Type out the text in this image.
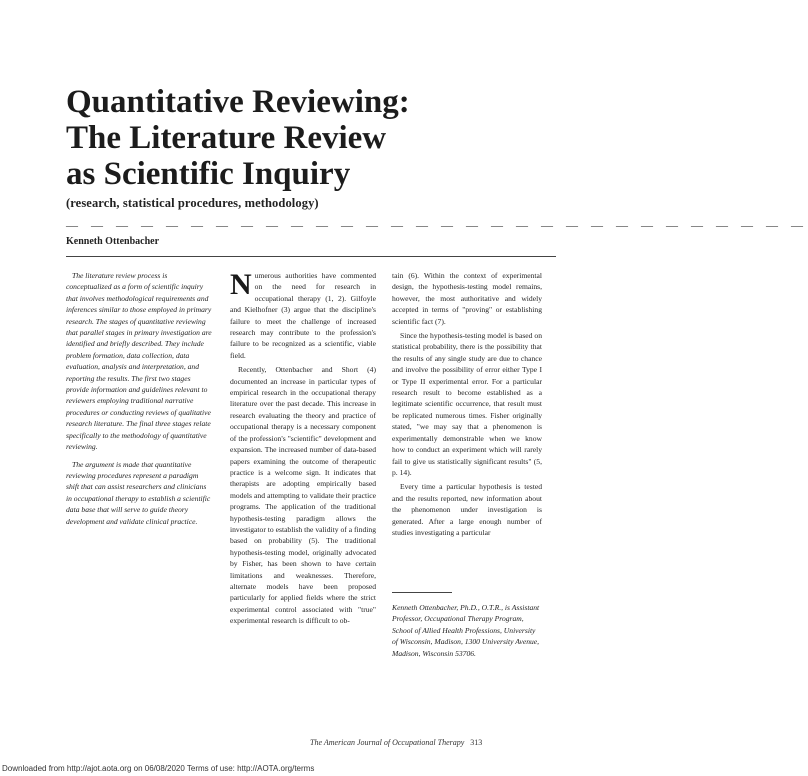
Quantitative Reviewing:
The Literature Review
as Scientific Inquiry
(research, statistical procedures, methodology)
— — — — — — — — — — — — — — — — — — — — — — — — — — — — — —
Kenneth Ottenbacher

The literature review process is conceptualized as a form of scientific inquiry that involves methodological requirements and inferences similar to those employed in primary research. The stages of quantitative reviewing that parallel stages in primary investigation are identified and briefly described. They include problem formation, data collection, data evaluation, analysis and interpretation, and reporting the results. The first two stages provide information and guidelines relevant to reviewers employing traditional narrative procedures or conducting reviews of qualitative research literature. The final three stages relate specifically to the methodology of quantitative reviewing.

The argument is made that quantitative reviewing procedures represent a paradigm shift that can assist researchers and clinicians in occupational therapy to establish a scientific data base that will serve to guide theory development and validate clinical practice.

Numerous authorities have commented on the need for research in occupational therapy (1, 2). Gilfoyle and Kielhofner (3) argue that the discipline's failure to meet the challenge of increased research may contribute to the profession's failure to be recognized as a scientific, viable field.

Recently, Ottenbacher and Short (4) documented an increase in particular types of empirical research in the occupational therapy literature over the past decade. This increase in research evaluating the theory and practice of occupational therapy is a necessary component of the profession's "scientific" development and expansion. The increased number of data-based papers examining the outcome of therapeutic practice is a welcome sign. It indicates that therapists are adopting empirically based models and attempting to validate their practice programs. The application of the traditional hypothesis-testing paradigm allows the investigator to establish the validity of a finding based on probability (5). The traditional hypothesis-testing model, originally advocated by Fisher, has been shown to have certain limitations and weaknesses. Therefore, alternate models have been proposed particularly for applied fields where the strict experimental control associated with "true" experimental research is difficult to ob-

tain (6). Within the context of experimental design, the hypothesis-testing model remains, however, the most authoritative and widely accepted in terms of "proving" or establishing scientific fact (7).

Since the hypothesis-testing model is based on statistical probability, there is the possibility that the results of any single study are due to chance and involve the possibility of error either Type I or Type II experimental error. For a particular research result to become established as a legitimate scientific occurrence, that result must be replicated numerous times. Fisher originally stated, "we may say that a phenomenon is experimentally demonstrable when we know how to conduct an experiment which will rarely fail to give us statistically significant results" (5, p. 14).

Every time a particular hypothesis is tested and the results reported, new information about the phenomenon under investigation is generated. After a large enough number of studies investigating a particular

Kenneth Ottenbacher, Ph.D., O.T.R., is Assistant Professor, Occupational Therapy Program, School of Allied Health Professions, University of Wisconsin, Madison, 1300 University Avenue, Madison, Wisconsin 53706.
The American Journal of Occupational Therapy 313
Downloaded from http://ajot.aota.org on 06/08/2020 Terms of use: http://AOTA.org/terms
